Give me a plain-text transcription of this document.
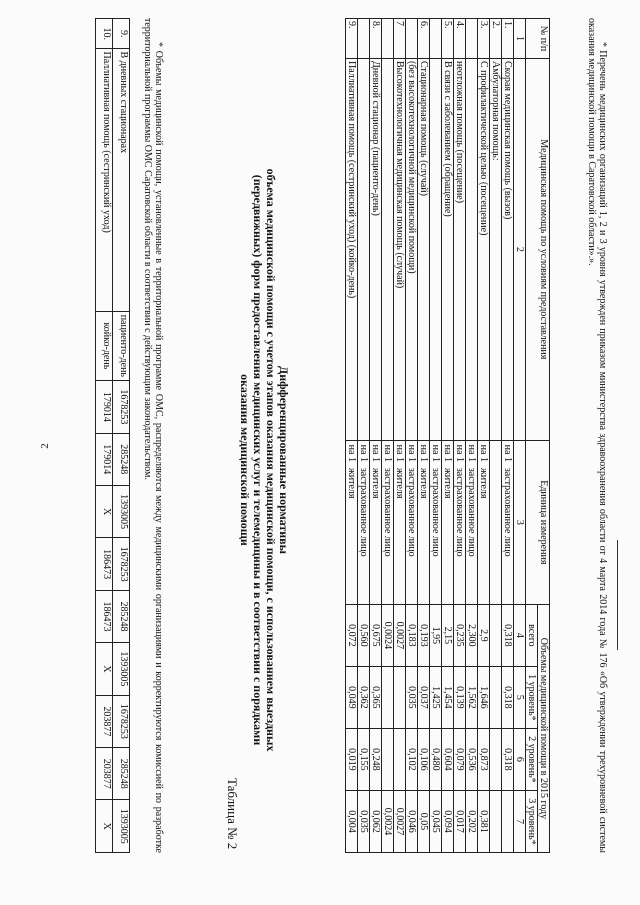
2
9.	В дневных стационарах	пациенто-день	1678253	285248	1393005	1678253	285248	1393005	1678253	285248	1393005
10.	Паллиативная помощь (сестринский уход)	койко-день	179014	179014	X	186473	186473	X	203877	203877	X	* Объемы медицинской помощи, установленные в территориальной программе ОМС, распределяются между медицинскими организациями и корректируются комиссией по разработке территориальной программы ОМС Саратовской области в соответствии с действующим законодательством.
Таблица № 2
Дифференцированные нормативы
объема медицинской помощи с учетом этапов оказания медицинской помощи, с использованием выездных
(передвижных) форм предоставления медицинских услуг и телемедицины и в соответствии с порядками
оказания медицинской помощи
№ п/п	Медицинская помощь по условиям предоставления	Единица измерения		Объемы медицинской помощи в 2015 году			
				всего	1 уровень*	2 уровень*	3 уровень*
1	2	3		4	5	6	7
1.	Скорая медицинская помощь (вызов)	на 1	застрахованное лицо	0,318	0,318	0,318	
2.	Амбулаторная помощь:						
3.	С профилактической целью (посещение)	на 1	жителя	2,9	1,646	0,873	0,381
		на 1	застрахованное лицо	2,300	1,562	0,536	0,202
4.	неотложная помощь (посещение)	на 1	застрахованное лицо	0,235	0,139	0,079	0,017
5.	В связи с заболеванием (обращение)	на 1	жителя	2,15	1,454	0,604	0,094
		на 1	застрахованное лицо	1,95	1,425	0,480	0,045
6.	Стационарная помощь (случай)	на 1	жителя	0,193	0,037	0,106	0,05
	(без высокотехнологичной медицинской помощи)	на 1	застрахованное лицо	0,183	0,035	0,102	0,046
7	Высокотехнологичная медицинская помощь (случай)	на 1	жителя	0,0027			0,0027
		на 1	застрахованное лицо	0,0024			0,0024
8.	Дневной стационар (пациенто-день)	на 1	жителя	0,675	0,365	0,248	0,062
		на 1	застрахованное лицо	0,560	0,362	0,155	0,035
9.	Паллиативная помощь (сестринский уход) (койко-день)	на 1	жителя	0,072	0,049	0,019	0,004	* Перечень медицинских организаций 1, 2 и 3 уровня утвержден приказом министерства здравоохранения области от 4 марта 2014 года № 176 «Об утверждении трехуровневой системы оказания медицинской помощи в Саратовской области».».
